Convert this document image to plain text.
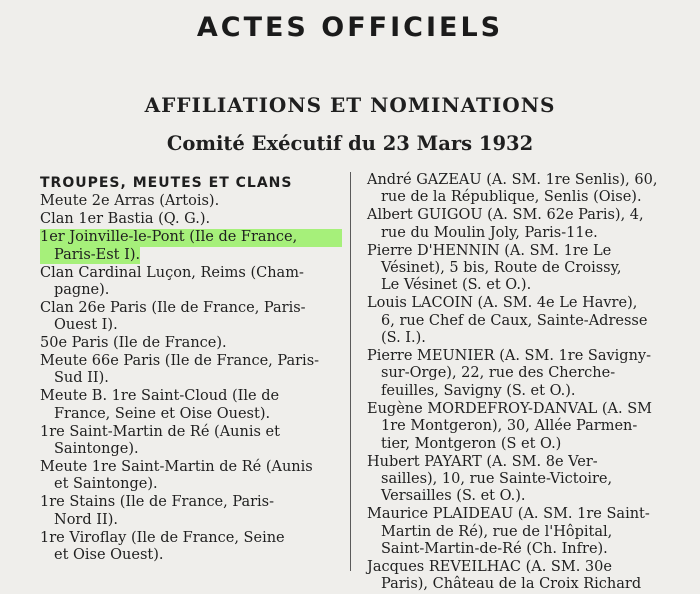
ACTES OFFICIELS
AFFILIATIONS ET NOMINATIONS
Comité Exécutif du 23 Mars 1932
TROUPES, MEUTES ET CLANS
Meute 2e Arras (Artois).
Clan 1er Bastia (Q. G.).
1er Joinville-le-Pont (Ile de France,
Paris-Est I).
Clan Cardinal Luçon, Reims (Cham-
pagne).
Clan 26e Paris (Ile de France, Paris-
Ouest I).
50e Paris (Ile de France).
Meute 66e Paris (Ile de France, Paris-
Sud II).
Meute B. 1re Saint-Cloud (Ile de
France, Seine et Oise Ouest).
1re Saint-Martin de Ré (Aunis et
Saintonge).
Meute 1re Saint-Martin de Ré (Aunis
et Saintonge).
1re Stains (Ile de France, Paris-
Nord II).
1re Viroflay (Ile de France, Seine
et Oise Ouest).
André GAZEAU (A. SM. 1re Senlis), 60,
rue de la République, Senlis (Oise).
Albert GUIGOU (A. SM. 62e Paris), 4,
rue du Moulin Joly, Paris-11e.
Pierre D'HENNIN (A. SM. 1re Le
Vésinet), 5 bis, Route de Croissy,
Le Vésinet (S. et O.).
Louis LACOIN (A. SM. 4e Le Havre),
6, rue Chef de Caux, Sainte-Adresse
(S. I.).
Pierre MEUNIER (A. SM. 1re Savigny-
sur-Orge), 22, rue des Cherche-
feuilles, Savigny (S. et O.).
Eugène MORDEFROY-DANVAL (A. SM
1re Montgeron), 30, Allée Parmen-
tier, Montgeron (S et O.)
Hubert PAYART (A. SM. 8e Ver-
sailles), 10, rue Sainte-Victoire,
Versailles (S. et O.).
Maurice PLAIDEAU (A. SM. 1re Saint-
Martin de Ré), rue de l'Hôpital,
Saint-Martin-de-Ré (Ch. Infre).
Jacques REVEILHAC (A. SM. 30e
Paris), Château de la Croix Richard
